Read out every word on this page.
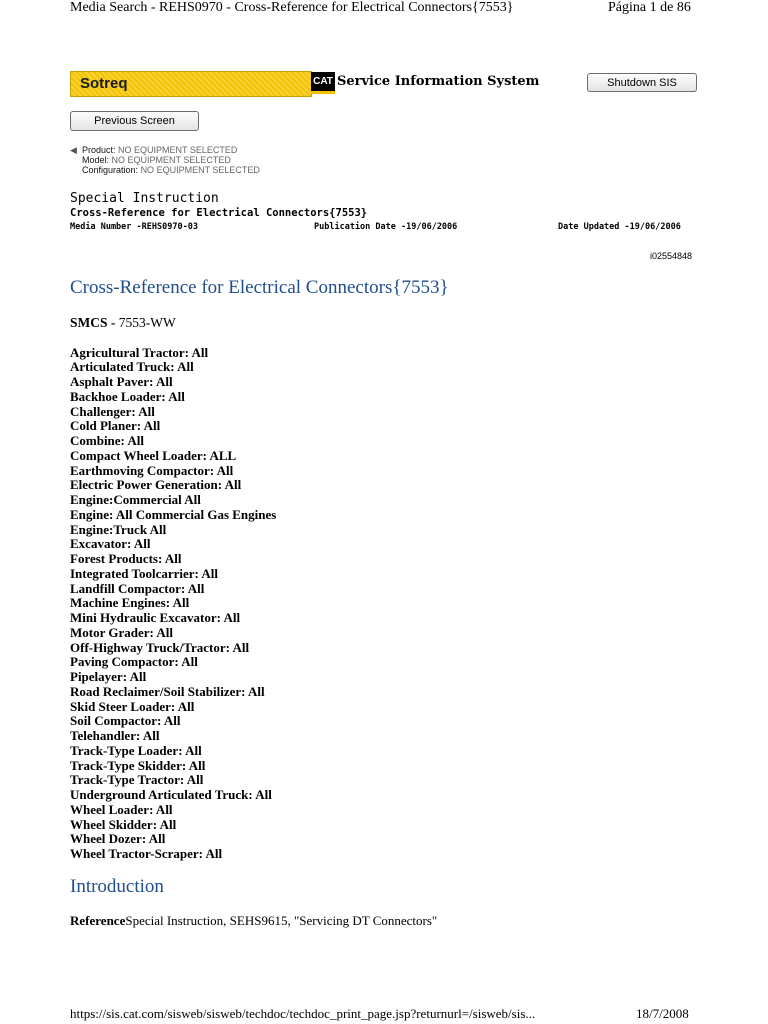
Media Search - REHS0970 - Cross-Reference for Electrical Connectors{7553}	Página 1 de 86
Sotreq	CAT Service Information System	Shutdown SIS
Previous Screen
◀ Product: NO EQUIPMENT SELECTED
Model: NO EQUIPMENT SELECTED
Configuration: NO EQUIPMENT SELECTED
Special Instruction
Cross-Reference for Electrical Connectors{7553}
Media Number -REHS0970-03	Publication Date -19/06/2006	Date Updated -19/06/2006
i02554848
Cross-Reference for Electrical Connectors{7553}
SMCS - 7553-WW
Agricultural Tractor: All
Articulated Truck: All
Asphalt Paver: All
Backhoe Loader: All
Challenger: All
Cold Planer: All
Combine: All
Compact Wheel Loader: ALL
Earthmoving Compactor: All
Electric Power Generation: All
Engine:Commercial All
Engine: All Commercial Gas Engines
Engine:Truck All
Excavator: All
Forest Products: All
Integrated Toolcarrier: All
Landfill Compactor: All
Machine Engines: All
Mini Hydraulic Excavator: All
Motor Grader: All
Off-Highway Truck/Tractor: All
Paving Compactor: All
Pipelayer: All
Road Reclaimer/Soil Stabilizer: All
Skid Steer Loader: All
Soil Compactor: All
Telehandler: All
Track-Type Loader: All
Track-Type Skidder: All
Track-Type Tractor: All
Underground Articulated Truck: All
Wheel Loader: All
Wheel Skidder: All
Wheel Dozer: All
Wheel Tractor-Scraper: All
Introduction
ReferenceSpecial Instruction, SEHS9615, "Servicing DT Connectors"
https://sis.cat.com/sisweb/sisweb/techdoc/techdoc_print_page.jsp?returnurl=/sisweb/sis...	18/7/2008
